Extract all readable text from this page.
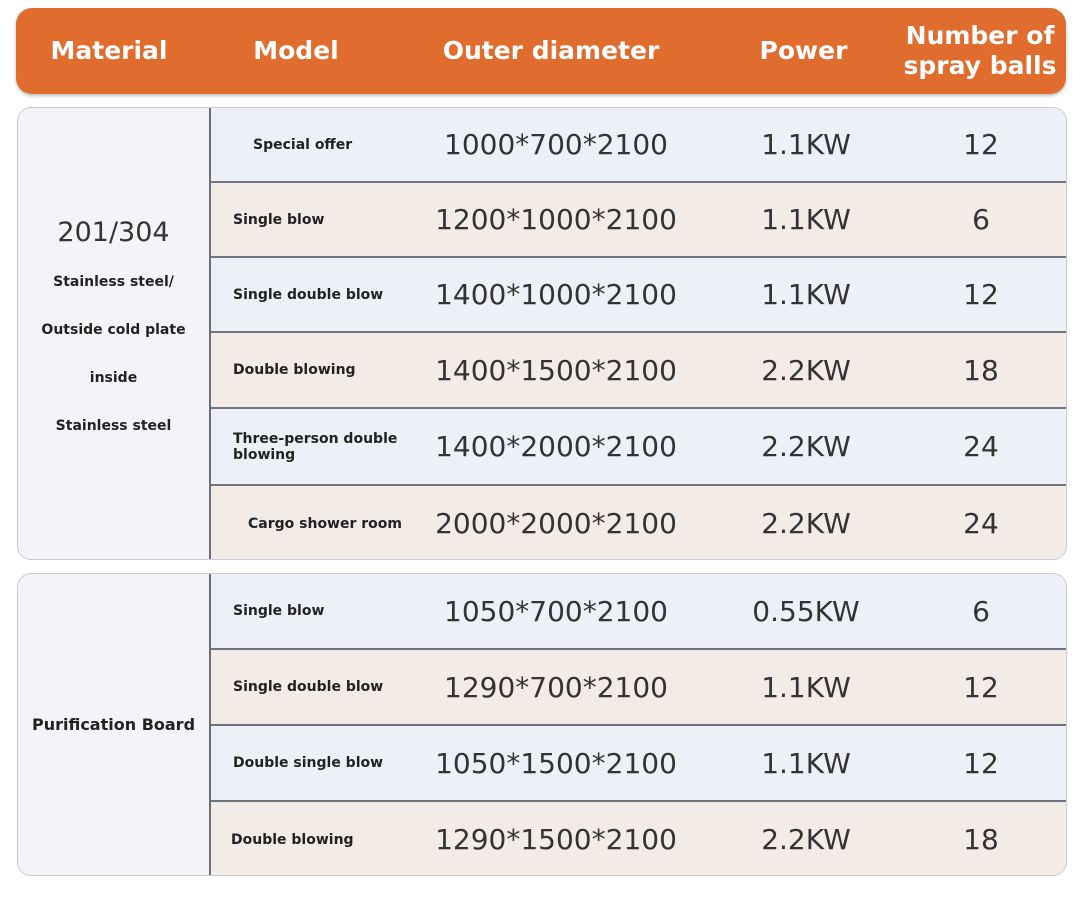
Material	Model	Outer diameter	Power
Number of
spray balls
201/304
Stainless steel/
Outside cold plate inside
Stainless steel
Special offer	1000*700*2100	1.1KW	12
Single blow	1200*1000*2100	1.1KW	6
Single double blow	1400*1000*2100	1.1KW	12
Double blowing	1400*1500*2100	2.2KW	18
Three-person double blowing	1400*2000*2100	2.2KW	24
Cargo shower room	2000*2000*2100	2.2KW	24
Purification Board
Single blow	1050*700*2100	0.55KW	6
Single double blow	1290*700*2100	1.1KW	12
Double single blow	1050*1500*2100	1.1KW	12
Double blowing	1290*1500*2100	2.2KW	18
